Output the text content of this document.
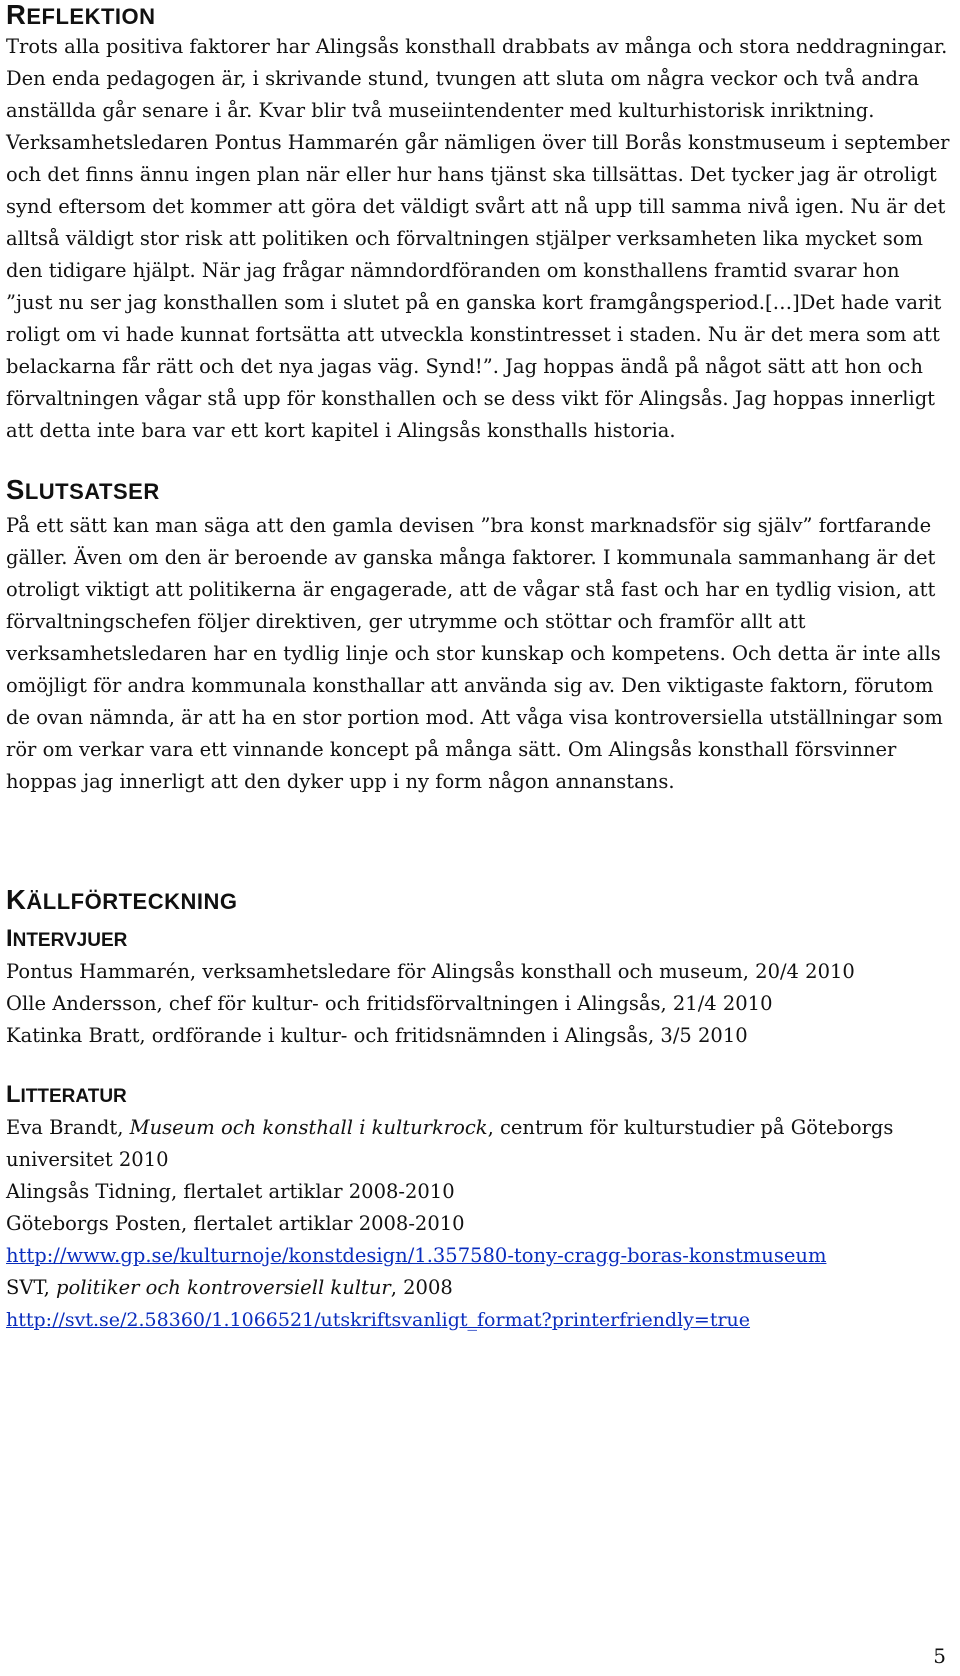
REFLEKTION

Trots alla positiva faktorer har Alingsås konsthall drabbats av många och stora neddragningar. Den enda pedagogen är, i skrivande stund, tvungen att sluta om några veckor och två andra anställda går senare i år. Kvar blir två museiintendenter med kulturhistorisk inriktning. Verksamhetsledaren Pontus Hammarén går nämligen över till Borås konstmuseum i september och det finns ännu ingen plan när eller hur hans tjänst ska tillsättas. Det tycker jag är otroligt synd eftersom det kommer att göra det väldigt svårt att nå upp till samma nivå igen. Nu är det alltså väldigt stor risk att politiken och förvaltningen stjälper verksamheten lika mycket som den tidigare hjälpt. När jag frågar nämndordföranden om konsthallens framtid svarar hon ”just nu ser jag konsthallen som i slutet på en ganska kort framgångsperiod.[…]Det hade varit roligt om vi hade kunnat fortsätta att utveckla konstintresset i staden. Nu är det mera som att belackarna får rätt och det nya jagas väg. Synd!”. Jag hoppas ändå på något sätt att hon och förvaltningen vågar stå upp för konsthallen och se dess vikt för Alingsås. Jag hoppas innerligt att detta inte bara var ett kort kapitel i Alingsås konsthalls historia.

SLUTSATSER

På ett sätt kan man säga att den gamla devisen ”bra konst marknadsför sig själv” fortfarande gäller. Även om den är beroende av ganska många faktorer. I kommunala sammanhang är det otroligt viktigt att politikerna är engagerade, att de vågar stå fast och har en tydlig vision, att förvaltningschefen följer direktiven, ger utrymme och stöttar och framför allt att verksamhetsledaren har en tydlig linje och stor kunskap och kompetens. Och detta är inte alls omöjligt för andra kommunala konsthallar att använda sig av. Den viktigaste faktorn, förutom de ovan nämnda, är att ha en stor portion mod. Att våga visa kontroversiella utställningar som rör om verkar vara ett vinnande koncept på många sätt. Om Alingsås konsthall försvinner hoppas jag innerligt att den dyker upp i ny form någon annanstans.

KÄLLFÖRTECKNING
INTERVJUER

Pontus Hammarén, verksamhetsledare för Alingsås konsthall och museum, 20/4 2010

Olle Andersson, chef för kultur- och fritidsförvaltningen i Alingsås, 21/4 2010

Katinka Bratt, ordförande i kultur- och fritidsnämnden i Alingsås, 3/5 2010

LITTERATUR

Eva Brandt, Museum och konsthall i kulturkrock, centrum för kulturstudier på Göteborgs universitet 2010

Alingsås Tidning, flertalet artiklar 2008-2010

Göteborgs Posten, flertalet artiklar 2008-2010

http://www.gp.se/kulturnoje/konstdesign/1.357580-tony-cragg-boras-konstmuseum

SVT, politiker och kontroversiell kultur, 2008

http://svt.se/2.58360/1.1066521/utskriftsvanligt_format?printerfriendly=true

5
